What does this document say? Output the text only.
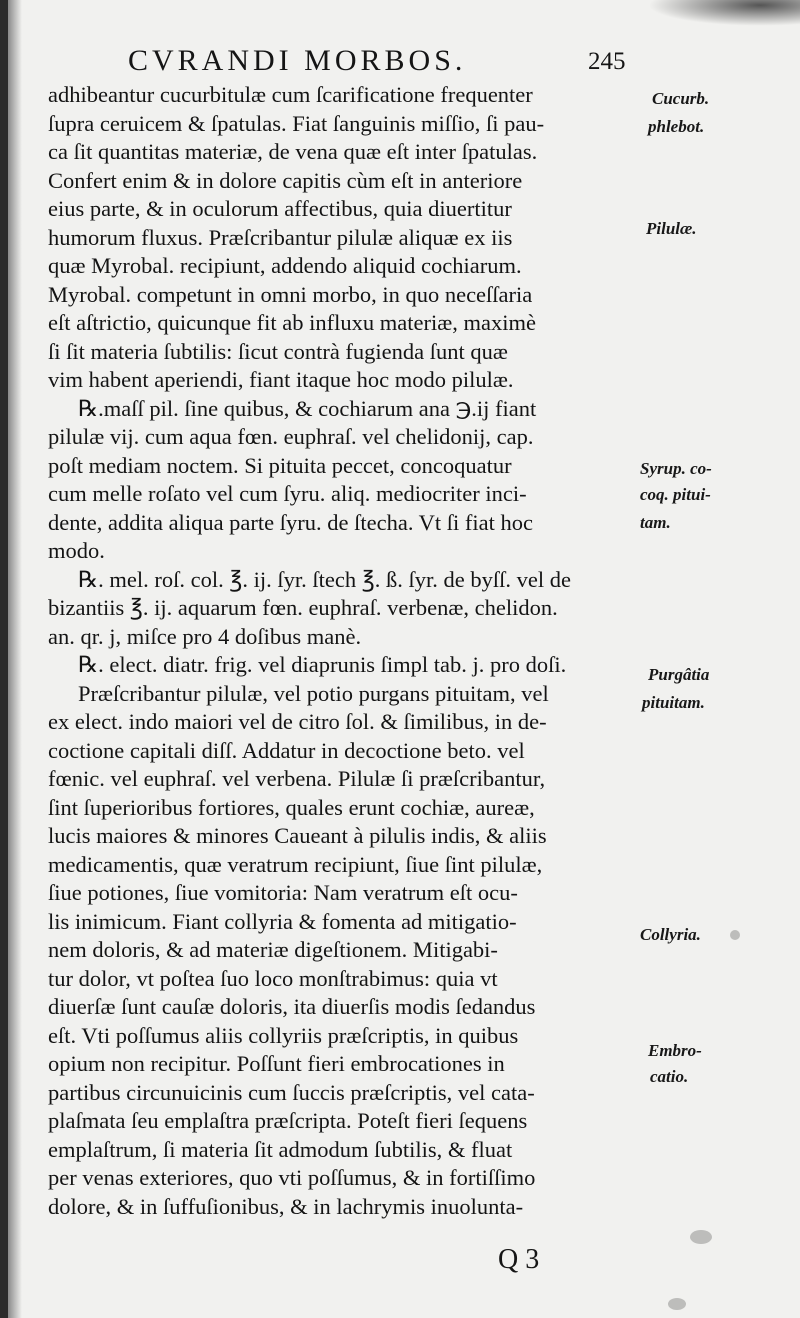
CVRANDI MORBOS.	245
adhibeantur cucurbitulæ cum ſcarificatione frequenter
ſupra ceruicem & ſpatulas. Fiat ſanguinis miſſio, ſi pau-
ca ſit quantitas materiæ, de vena quæ eſt inter ſpatulas.
Confert enim & in dolore capitis cùm eſt in anteriore
eius parte, & in oculorum affectibus, quia diuertitur
humorum fluxus. Præſcribantur pilulæ aliquæ ex iis
quæ Myrobal. recipiunt, addendo aliquid cochiarum.
Myrobal. competunt in omni morbo, in quo neceſſaria
eſt aſtrictio, quicunque fit ab influxu materiæ, maximè
ſi ſit materia ſubtilis: ſicut contrà fugienda ſunt quæ
vim habent aperiendi, fiant itaque hoc modo pilulæ.
℞.maſſ pil. ſine quibus, & cochiarum ana ℈.ij fiant
pilulæ vij. cum aqua fœn. euphraſ. vel chelidonij, cap.
poſt mediam noctem. Si pituita peccet, concoquatur
cum melle roſato vel cum ſyru. aliq. mediocriter inci-
dente, addita aliqua parte ſyru. de ſtecha. Vt ſi fiat hoc
modo.
℞. mel. roſ. col. ℥. ij. ſyr. ſtech ℥. ß. ſyr. de byſſ. vel de
bizantiis ℥. ij. aquarum fœn. euphraſ. verbenæ, chelidon.
an. qr. j, miſce pro 4 doſibus manè.
℞. elect. diatr. frig. vel diaprunis ſimpl tab. j. pro doſi.
Præſcribantur pilulæ, vel potio purgans pituitam, vel
ex elect. indo maiori vel de citro ſol. & ſimilibus, in de-
coctione capitali diſſ. Addatur in decoctione beto. vel
fœnic. vel euphraſ. vel verbena. Pilulæ ſi præſcribantur,
ſint ſuperioribus fortiores, quales erunt cochiæ, aureæ,
lucis maiores & minores Caueant à pilulis indis, & aliis
medicamentis, quæ veratrum recipiunt, ſiue ſint pilulæ,
ſiue potiones, ſiue vomitoria: Nam veratrum eſt ocu-
lis inimicum. Fiant collyria & fomenta ad mitigatio-
nem doloris, & ad materiæ digeſtionem. Mitigabi-
tur dolor, vt poſtea ſuo loco monſtrabimus: quia vt
diuerſæ ſunt cauſæ doloris, ita diuerſis modis ſedandus
eſt. Vti poſſumus aliis collyriis præſcriptis, in quibus
opium non recipitur. Poſſunt fieri embrocationes in
partibus circunuicinis cum ſuccis præſcriptis, vel cata-
plaſmata ſeu emplaſtra præſcripta. Poteſt fieri ſequens
emplaſtrum, ſi materia ſit admodum ſubtilis, & fluat
per venas exteriores, quo vti poſſumus, & in fortiſſimo
dolore, & in ſuffuſionibus, & in lachrymis inuolunta-
Cucurb.
phlebot.
Pilulæ.
Syrup. co-
coq. pitui-
tam.
Purgâtia
pituitam.
Collyria.
Embro-
catio.
Q 3
